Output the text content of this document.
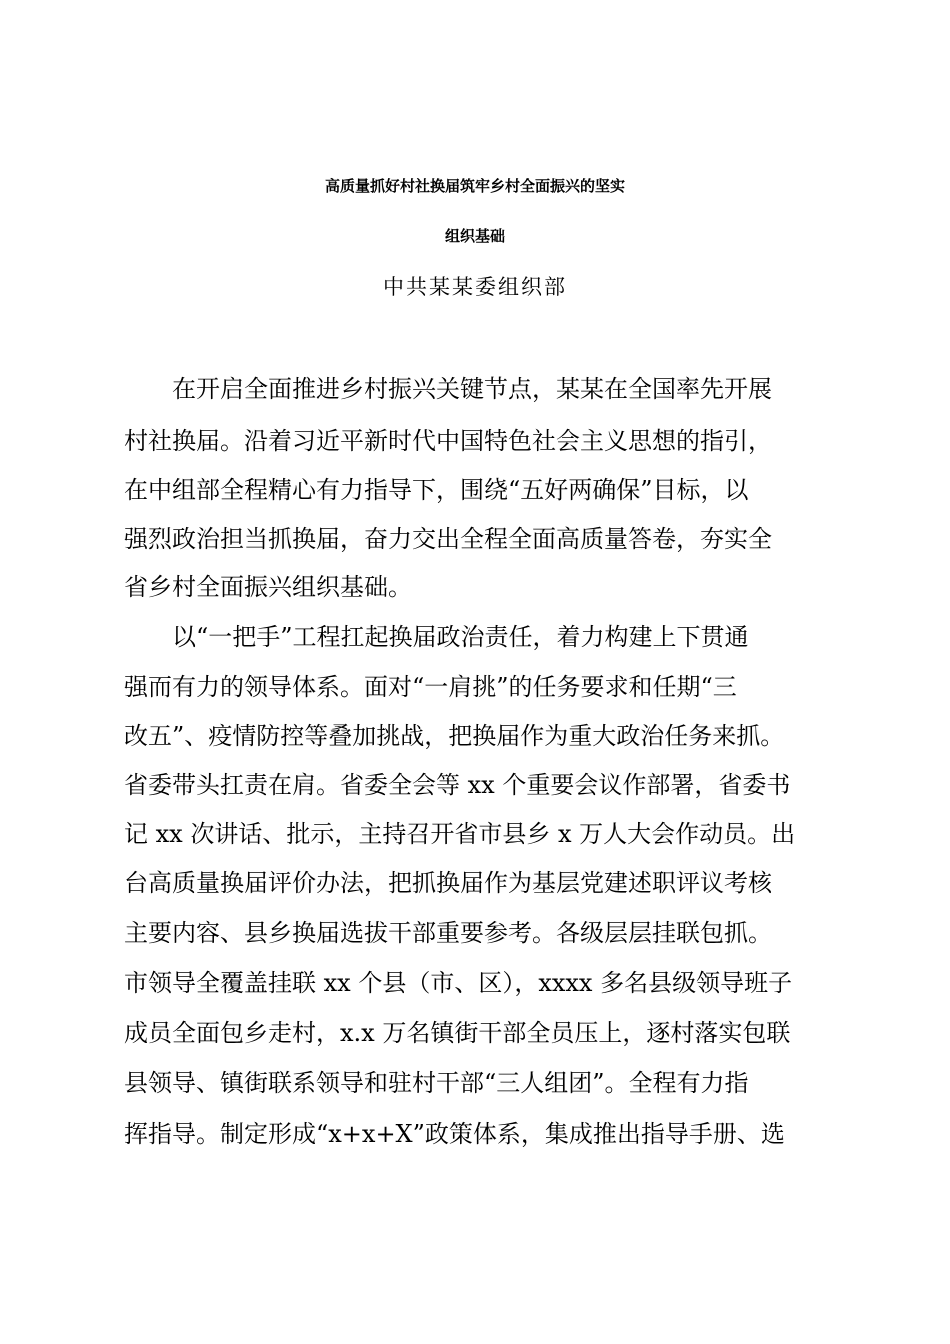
高质量抓好村社换届筑牢乡村全面振兴的坚实
组织基础
中共某某委组织部
在开启全面推进乡村振兴关键节点，某某在全国率先开展
村社换届。沿着习近平新时代中国特色社会主义思想的指引，
在中组部全程精心有力指导下，围绕“五好两确保”目标，以
强烈政治担当抓换届，奋力交出全程全面高质量答卷，夯实全
省乡村全面振兴组织基础。
以“一把手”工程扛起换届政治责任，着力构建上下贯通
强而有力的领导体系。面对“一肩挑”的任务要求和任期“三
改五”、疫情防控等叠加挑战，把换届作为重大政治任务来抓。
省委带头扛责在肩。省委全会等 xx 个重要会议作部署，省委书
记 xx 次讲话、批示，主持召开省市县乡 x 万人大会作动员。出
台高质量换届评价办法，把抓换届作为基层党建述职评议考核
主要内容、县乡换届选拔干部重要参考。各级层层挂联包抓。
市领导全覆盖挂联 xx 个县（市、区），xxxx 多名县级领导班子
成员全面包乡走村，x.x 万名镇街干部全员压上，逐村落实包联
县领导、镇街联系领导和驻村干部“三人组团”。全程有力指
挥指导。制定形成“x+x+X”政策体系，集成推出指导手册、选
